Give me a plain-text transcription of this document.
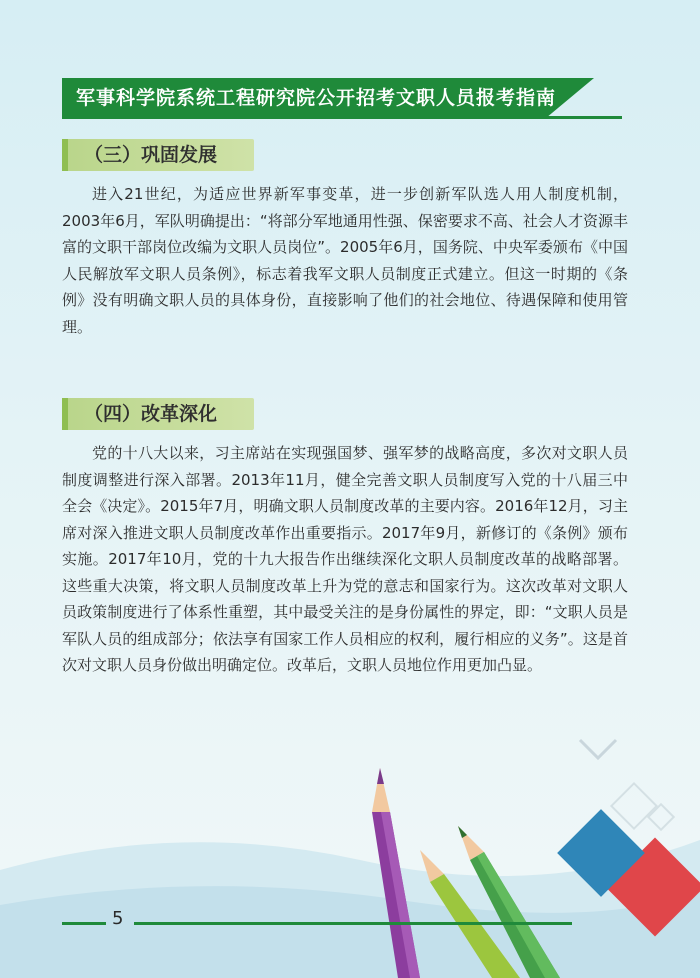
军事科学院系统工程研究院公开招考文职人员报考指南
（三）巩固发展

进入21世纪，为适应世界新军事变革，进一步创新军队选人用人制度机制，2003年6月，军队明确提出：“将部分军地通用性强、保密要求不高、社会人才资源丰富的文职干部岗位改编为文职人员岗位”。2005年6月，国务院、中央军委颁布《中国人民解放军文职人员条例》，标志着我军文职人员制度正式建立。但这一时期的《条例》没有明确文职人员的具体身份，直接影响了他们的社会地位、待遇保障和使用管理。

（四）改革深化

党的十八大以来，习主席站在实现强国梦、强军梦的战略高度，多次对文职人员制度调整进行深入部署。2013年11月，健全完善文职人员制度写入党的十八届三中全会《决定》。2015年7月，明确文职人员制度改革的主要内容。2016年12月，习主席对深入推进文职人员制度改革作出重要指示。2017年9月，新修订的《条例》颁布实施。2017年10月，党的十九大报告作出继续深化文职人员制度改革的战略部署。这些重大决策，将文职人员制度改革上升为党的意志和国家行为。这次改革对文职人员政策制度进行了体系性重塑，其中最受关注的是身份属性的界定，即：“文职人员是军队人员的组成部分；依法享有国家工作人员相应的权利，履行相应的义务”。这是首次对文职人员身份做出明确定位。改革后，文职人员地位作用更加凸显。

5
